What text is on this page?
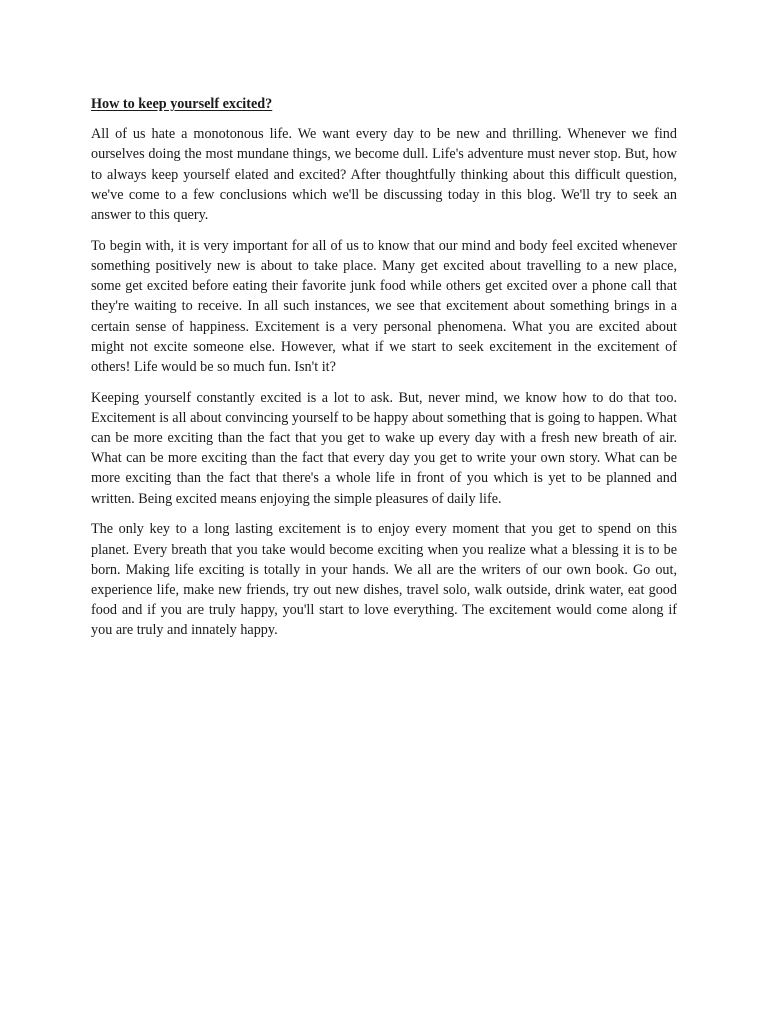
How to keep yourself excited?

All of us hate a monotonous life. We want every day to be new and thrilling. Whenever we find ourselves doing the most mundane things, we become dull. Life's adventure must never stop. But, how to always keep yourself elated and excited? After thoughtfully thinking about this difficult question, we've come to a few conclusions which we'll be discussing today in this blog. We'll try to seek an answer to this query.

To begin with, it is very important for all of us to know that our mind and body feel excited whenever something positively new is about to take place. Many get excited about travelling to a new place, some get excited before eating their favorite junk food while others get excited over a phone call that they're waiting to receive. In all such instances, we see that excitement about something brings in a certain sense of happiness. Excitement is a very personal phenomena. What you are excited about might not excite someone else. However, what if we start to seek excitement in the excitement of others! Life would be so much fun. Isn't it?

Keeping yourself constantly excited is a lot to ask. But, never mind, we know how to do that too. Excitement is all about convincing yourself to be happy about something that is going to happen. What can be more exciting than the fact that you get to wake up every day with a fresh new breath of air. What can be more exciting than the fact that every day you get to write your own story. What can be more exciting than the fact that there's a whole life in front of you which is yet to be planned and written. Being excited means enjoying the simple pleasures of daily life.

The only key to a long lasting excitement is to enjoy every moment that you get to spend on this planet. Every breath that you take would become exciting when you realize what a blessing it is to be born. Making life exciting is totally in your hands. We all are the writers of our own book. Go out, experience life, make new friends, try out new dishes, travel solo, walk outside, drink water, eat good food and if you are truly happy, you'll start to love everything. The excitement would come along if you are truly and innately happy.
